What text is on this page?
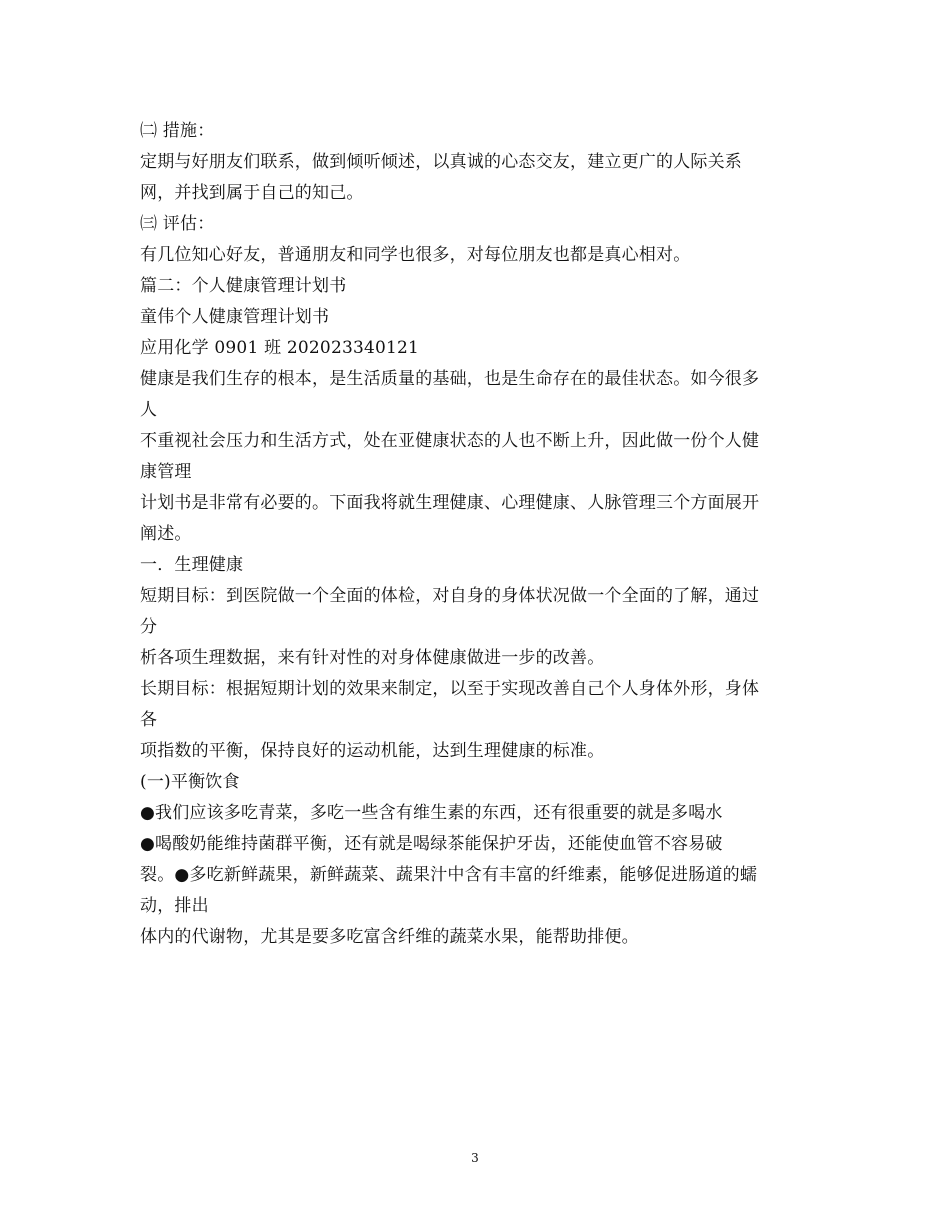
㈡ 措施：
定期与好朋友们联系，做到倾听倾述，以真诚的心态交友，建立更广的人际关系
网，并找到属于自己的知己。
㈢ 评估：
有几位知心好友，普通朋友和同学也很多，对每位朋友也都是真心相对。
篇二：个人健康管理计划书
童伟个人健康管理计划书
应用化学 0901 班 202023340121
健康是我们生存的根本，是生活质量的基础，也是生命存在的最佳状态。如今很多
人
不重视社会压力和生活方式，处在亚健康状态的人也不断上升，因此做一份个人健
康管理
计划书是非常有必要的。下面我将就生理健康、心理健康、人脉管理三个方面展开
阐述。
一．生理健康
短期目标：到医院做一个全面的体检，对自身的身体状况做一个全面的了解，通过
分
析各项生理数据，来有针对性的对身体健康做进一步的改善。
长期目标：根据短期计划的效果来制定，以至于实现改善自己个人身体外形，身体
各
项指数的平衡，保持良好的运动机能，达到生理健康的标准。
(一)平衡饮食
●我们应该多吃青菜，多吃一些含有维生素的东西，还有很重要的就是多喝水
●喝酸奶能维持菌群平衡，还有就是喝绿茶能保护牙齿，还能使血管不容易破
裂。●多吃新鲜蔬果，新鲜蔬菜、蔬果汁中含有丰富的纤维素，能够促进肠道的蠕
动，排出
体内的代谢物，尤其是要多吃富含纤维的蔬菜水果，能帮助排便。
3
